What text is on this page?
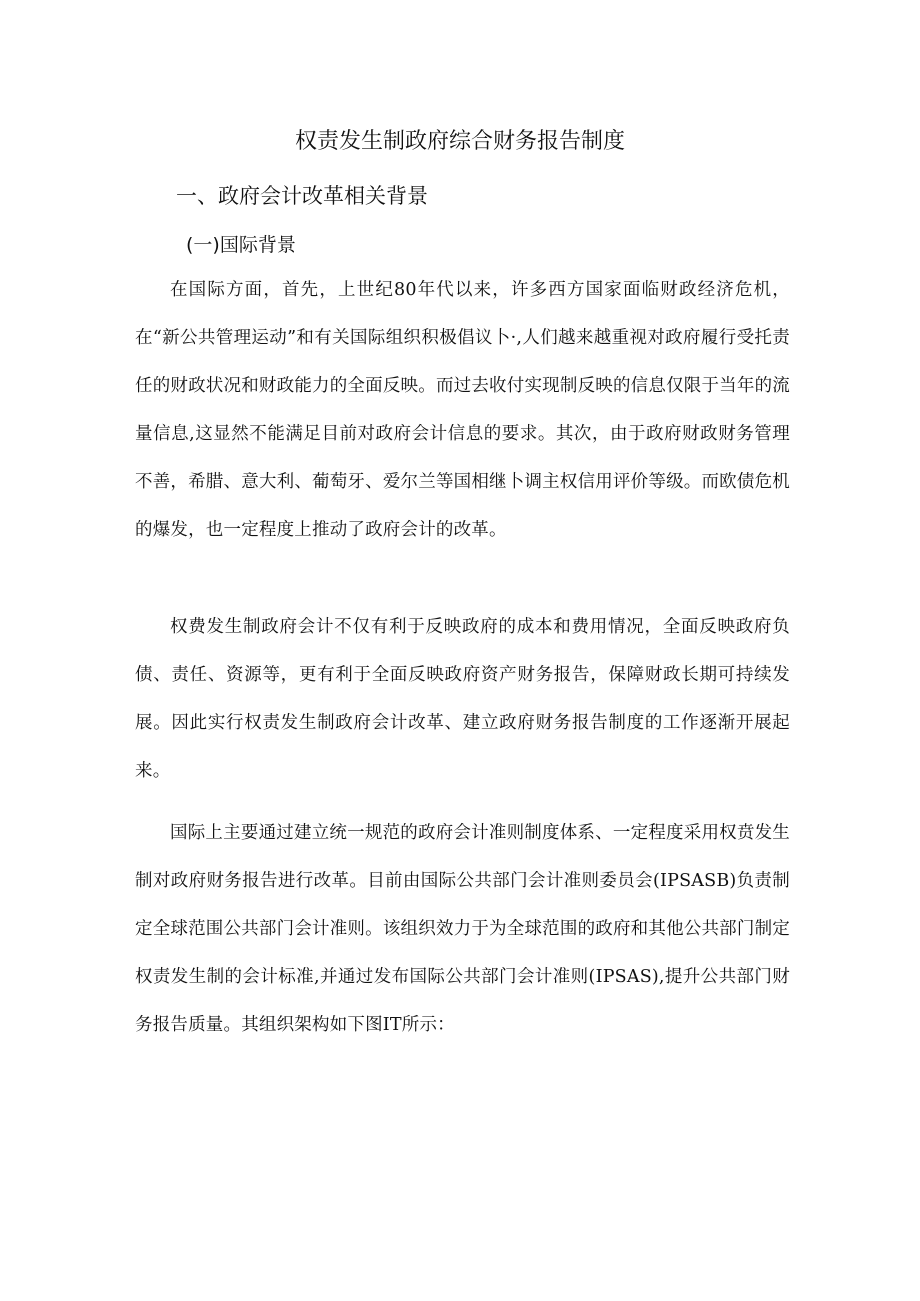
权责发生制政府综合财务报告制度
一、政府会计改革相关背景
(一)国际背景

在国际方面，首先，上世纪80年代以来，许多西方国家面临财政经济危机，在“新公共管理运动”和有关国际组织积极倡议卜·,人们越来越重视对政府履行受托责任的财政状况和财政能力的全面反映。而过去收付实现制反映的信息仅限于当年的流量信息,这显然不能满足目前对政府会计信息的要求。其次，由于政府财政财务管理不善，希腊、意大利、葡萄牙、爱尔兰等国相继卜调主权信用评价等级。而欧债危机的爆发，也一定程度上推动了政府会计的改革。

权费发生制政府会计不仅有利于反映政府的成本和费用情况，全面反映政府负债、责任、资源等，更有利于全面反映政府资产财务报告，保障财政长期可持续发展。因此实行权责发生制政府会计改革、建立政府财务报告制度的工作逐渐开展起来。

国际上主要通过建立统一规范的政府会计准则制度体系、一定程度采用权贲发生制对政府财务报告进行改革。目前由国际公共部门会计准则委员会(IPSASB)负责制定全球范围公共部门会计准则。该组织效力于为全球范围的政府和其他公共部门制定权责发生制的会计标准,并通过发布国际公共部门会计准则(IPSAS),提升公共部门财务报告质量。其组织架构如下图IT所示：
